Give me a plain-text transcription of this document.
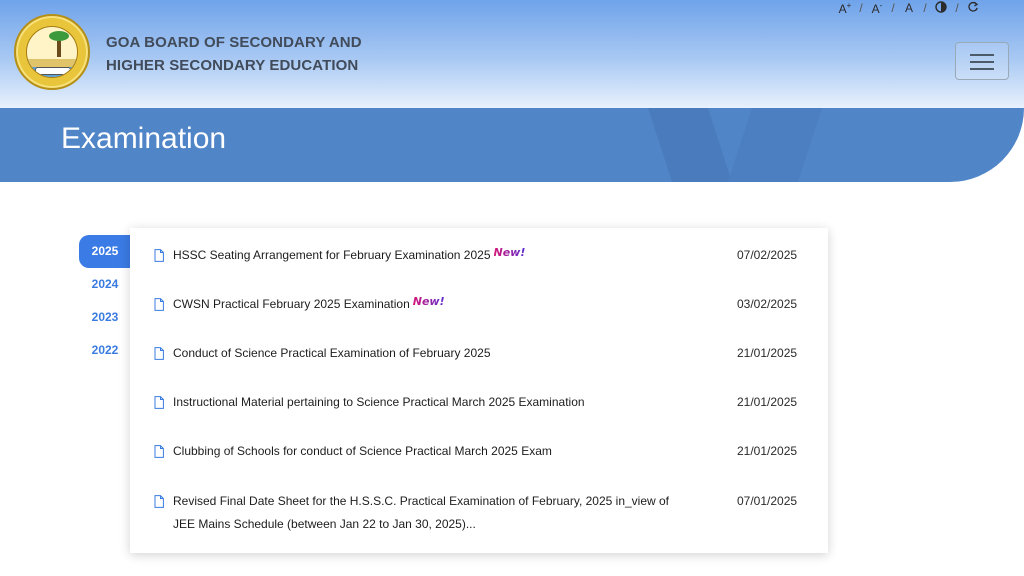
GOA BOARD OF SECONDARY AND
HIGHER SECONDARY EDUCATION
A+ / A- / A /	/
Examination
2025
2024
2023
2022
HSSC Seating Arrangement for February Examination 2025 New!	07/02/2025
CWSN Practical February 2025 Examination New!	03/02/2025
Conduct of Science Practical Examination of February 2025	21/01/2025
Instructional Material pertaining to Science Practical March 2025 Examination	21/01/2025
Clubbing of Schools for conduct of Science Practical March 2025 Exam	21/01/2025
Revised Final Date Sheet for the H.S.S.C. Practical Examination of February, 2025 in_view of
JEE Mains Schedule (between Jan 22 to Jan 30, 2025)...
07/01/2025
